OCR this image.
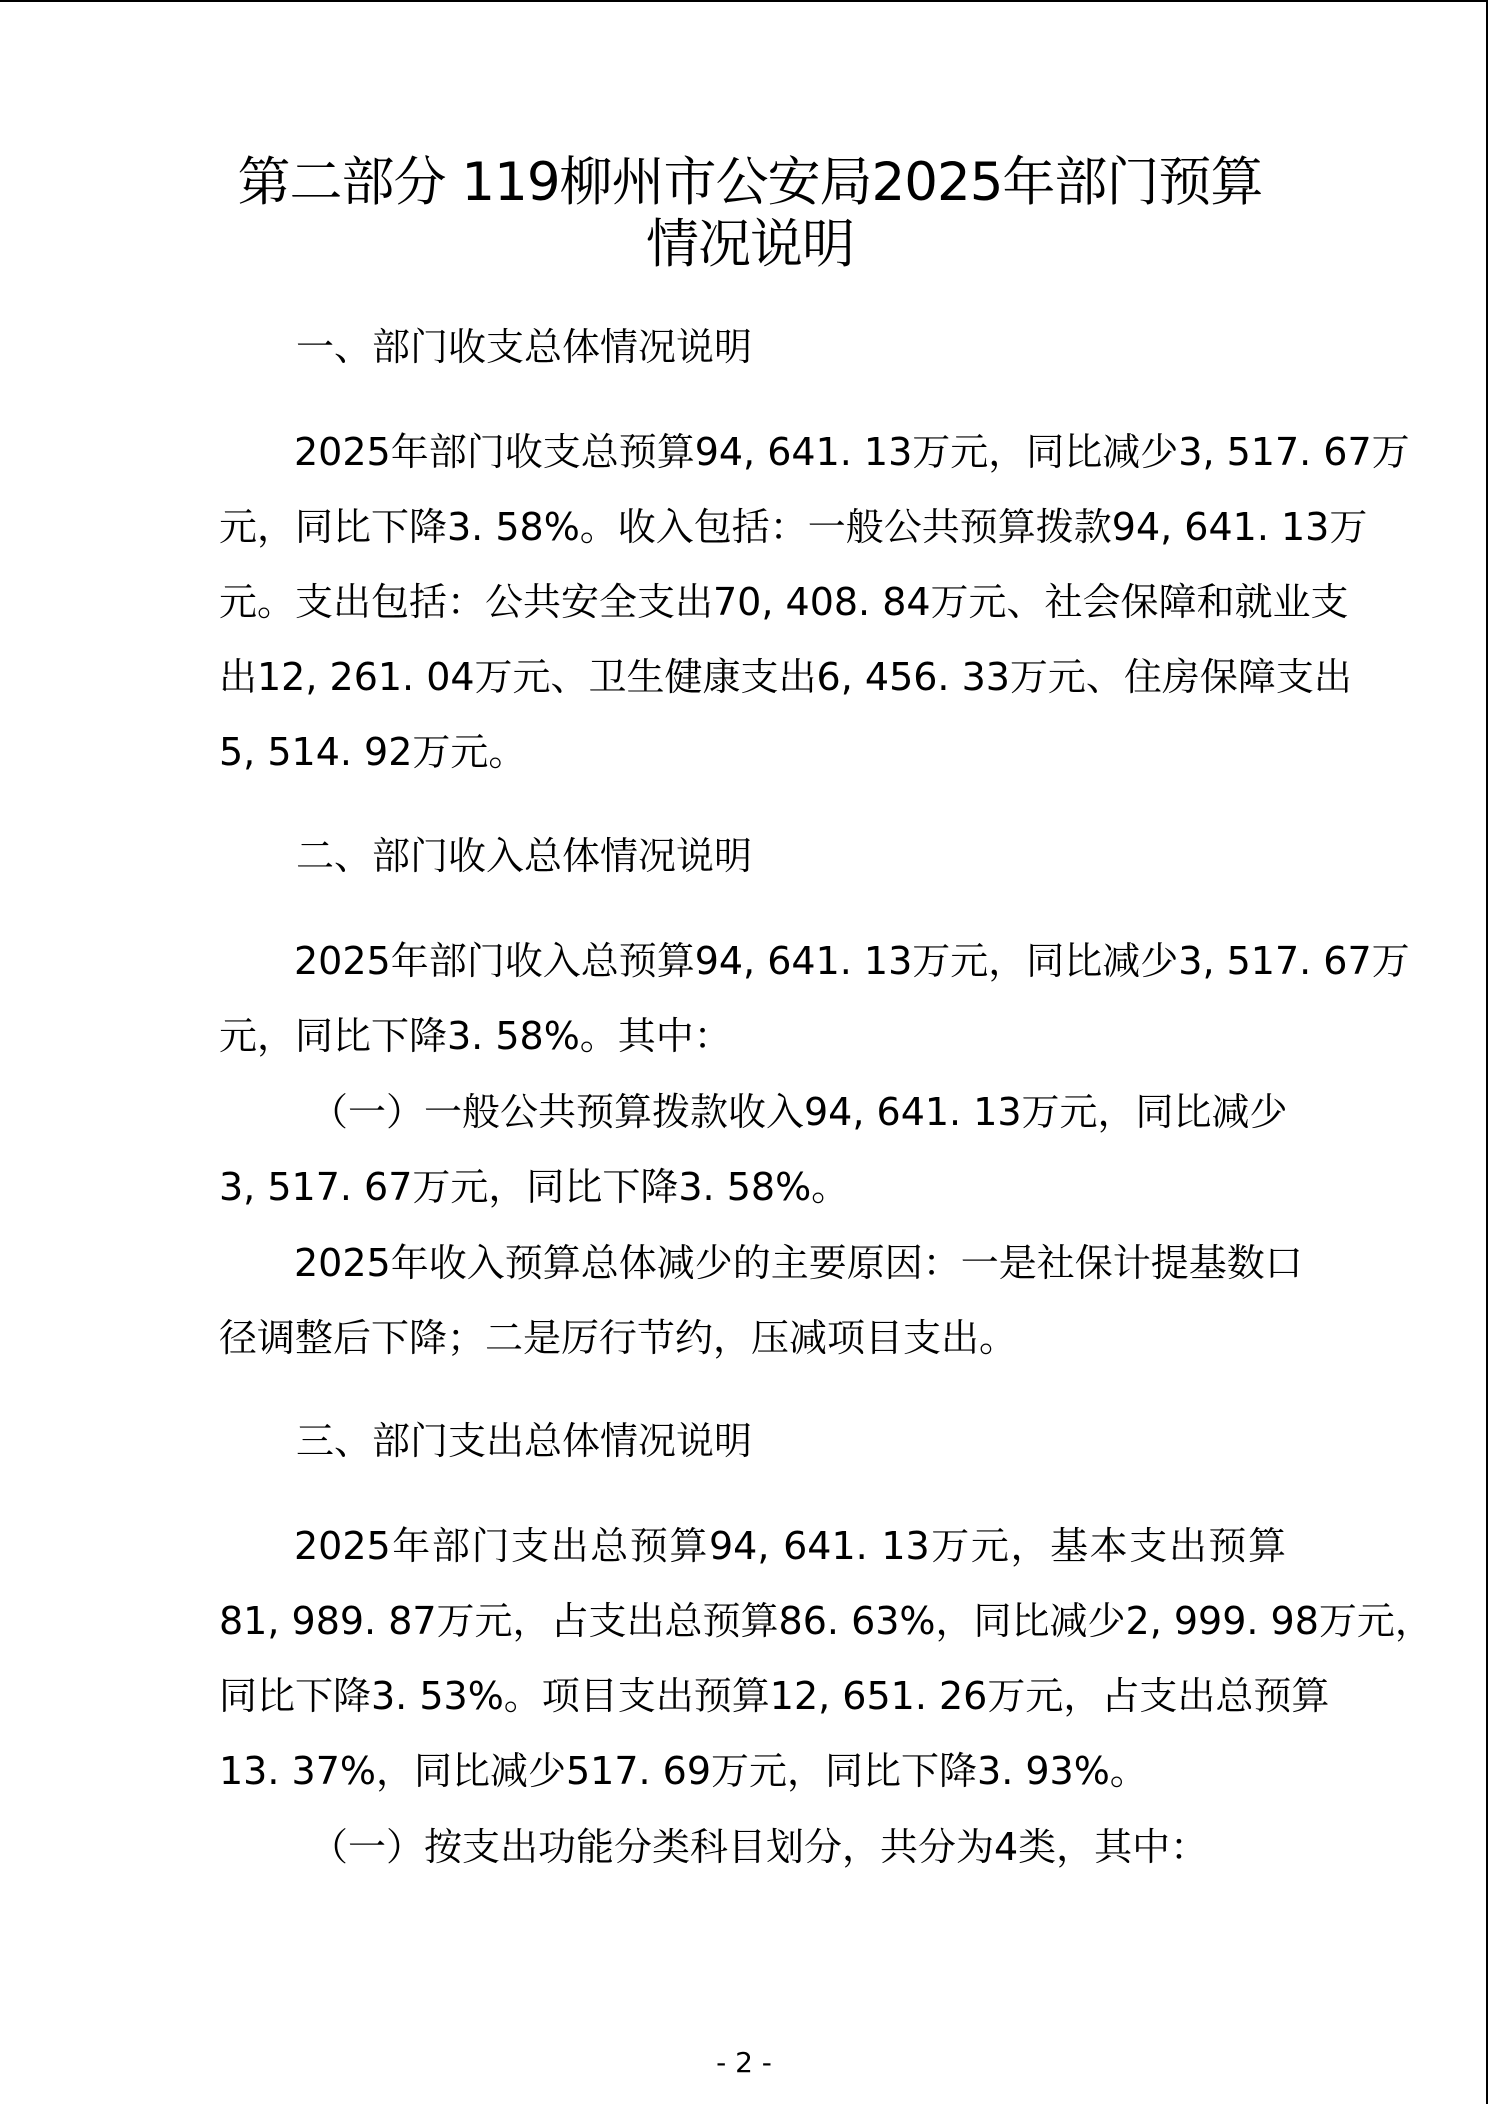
第二部分 119柳州市公安局2025年部门预算
情况说明
一、部门收支总体情况说明

2025年部门收支总预算94, 641. 13万元，同比减少3, 517. 67万

元，同比下降3. 58%。收入包括：一般公共预算拨款94, 641. 13万

元。支出包括：公共安全支出70, 408. 84万元、社会保障和就业支

出12, 261. 04万元、卫生健康支出6, 456. 33万元、住房保障支出

5, 514. 92万元。

二、部门收入总体情况说明

2025年部门收入总预算94, 641. 13万元，同比减少3, 517. 67万

元，同比下降3. 58%。其中：

（一）一般公共预算拨款收入94, 641. 13万元，同比减少

3, 517. 67万元，同比下降3. 58%。

2025年收入预算总体减少的主要原因：一是社保计提基数口

径调整后下降；二是厉行节约，压减项目支出。

三、部门支出总体情况说明

2025年部门支出总预算94, 641. 13万元，基本支出预算

81, 989. 87万元，占支出总预算86. 63%，同比减少2, 999. 98万元，

同比下降3. 53%。项目支出预算12, 651. 26万元，占支出总预算

13. 37%，同比减少517. 69万元，同比下降3. 93%。

（一）按支出功能分类科目划分，共分为4类，其中：

- 2 -
